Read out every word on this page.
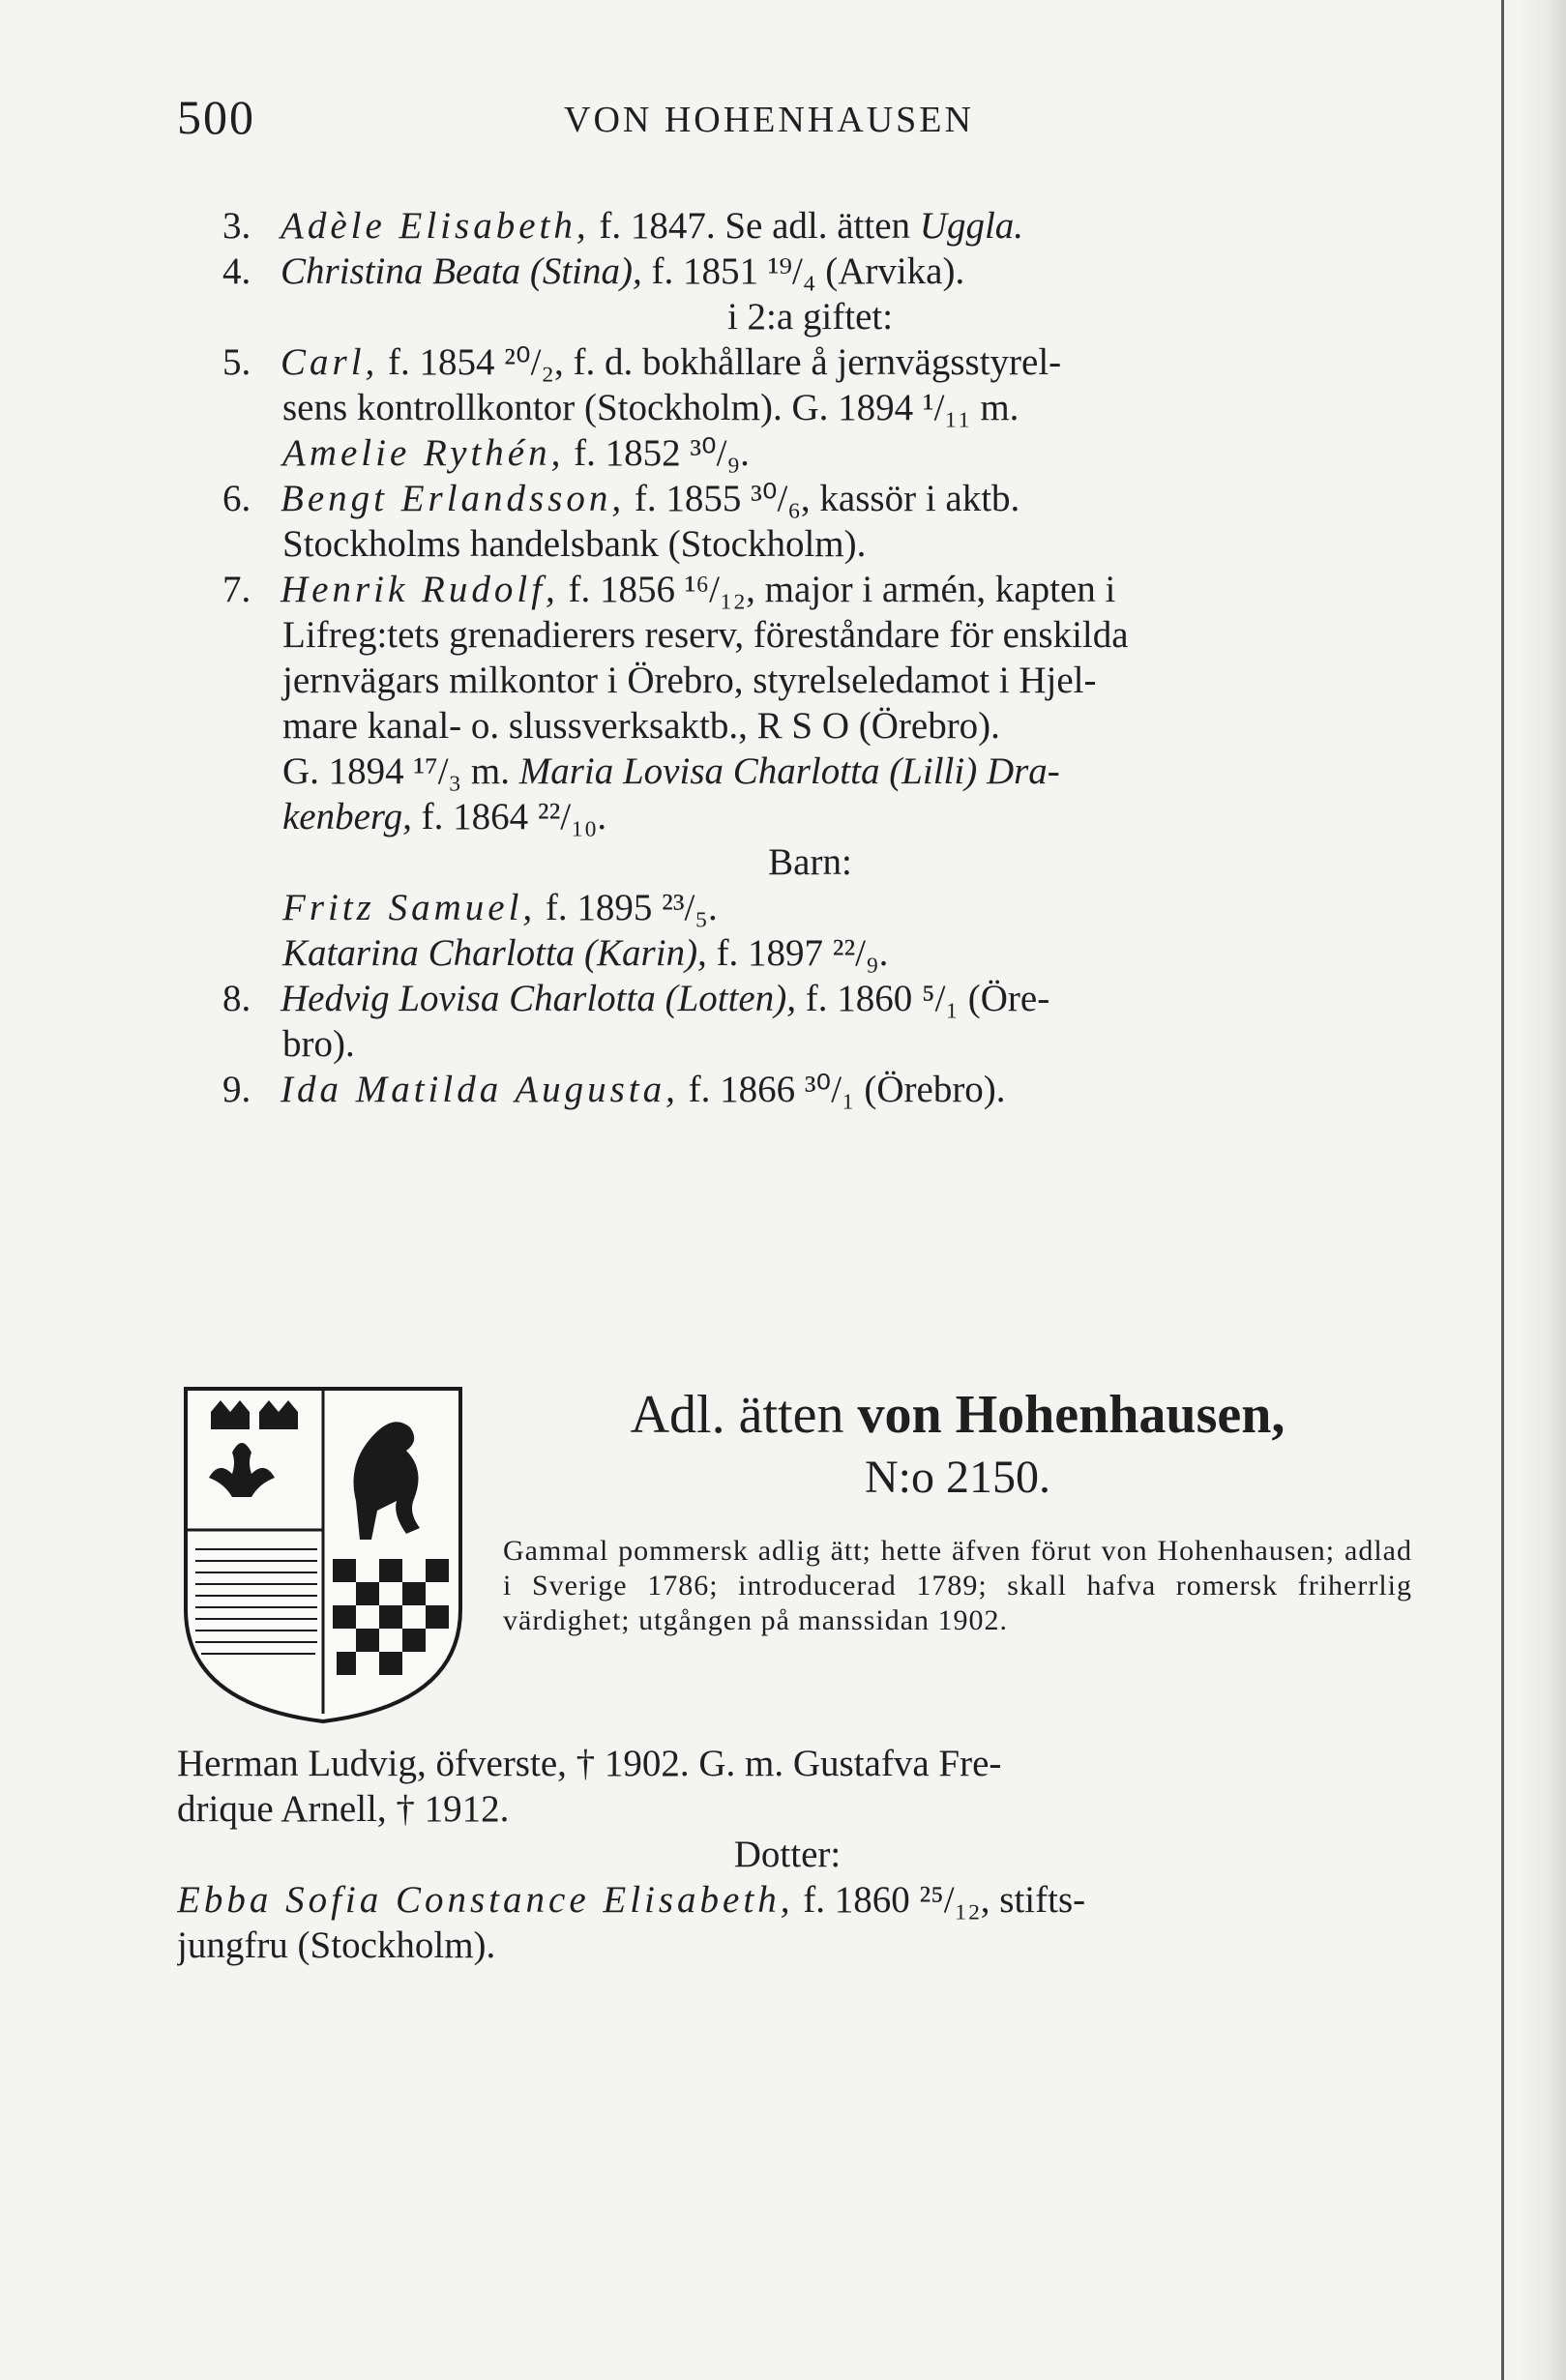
500	VON HOHENHAUSEN
3. Adèle Elisabeth, f. 1847. Se adl. ätten Uggla.
4. Christina Beata (Stina), f. 1851 ¹⁹/₄ (Arvika).
i 2:a giftet:
5. Carl, f. 1854 ²⁰/₂, f. d. bokhållare å jernvägsstyrel-
sens kontrollkontor (Stockholm). G. 1894 ¹/₁₁ m.
Amelie Rythén, f. 1852 ³⁰/₉.
6. Bengt Erlandsson, f. 1855 ³⁰/₆, kassör i aktb.
Stockholms handelsbank (Stockholm).
7. Henrik Rudolf, f. 1856 ¹⁶/₁₂, major i armén, kapten i
Lifreg:tets grenadierers reserv, föreståndare för enskilda
jernvägars milkontor i Örebro, styrelseledamot i Hjel-
mare kanal- o. slussverksaktb., R S O (Örebro).
G. 1894 ¹⁷/₃ m. Maria Lovisa Charlotta (Lilli) Dra-
kenberg, f. 1864 ²²/₁₀.
Barn:
Fritz Samuel, f. 1895 ²³/₅.
Katarina Charlotta (Karin), f. 1897 ²²/₉.
8. Hedvig Lovisa Charlotta (Lotten), f. 1860 ⁵/₁ (Öre-
bro).
9. Ida Matilda Augusta, f. 1866 ³⁰/₁ (Örebro).
Adl. ätten von Hohenhausen,
N:o 2150.
Gammal pommersk adlig ätt; hette äfven förut von Hohenhausen; adlad i Sverige 1786; introducerad 1789; skall hafva romersk friherrlig värdighet; utgången på manssidan 1902.
Herman Ludvig, öfverste, † 1902. G. m. Gustafva Fre-
drique Arnell, † 1912.
Dotter:
Ebba Sofia Constance Elisabeth, f. 1860 ²⁵/₁₂, stifts-
jungfru (Stockholm).
